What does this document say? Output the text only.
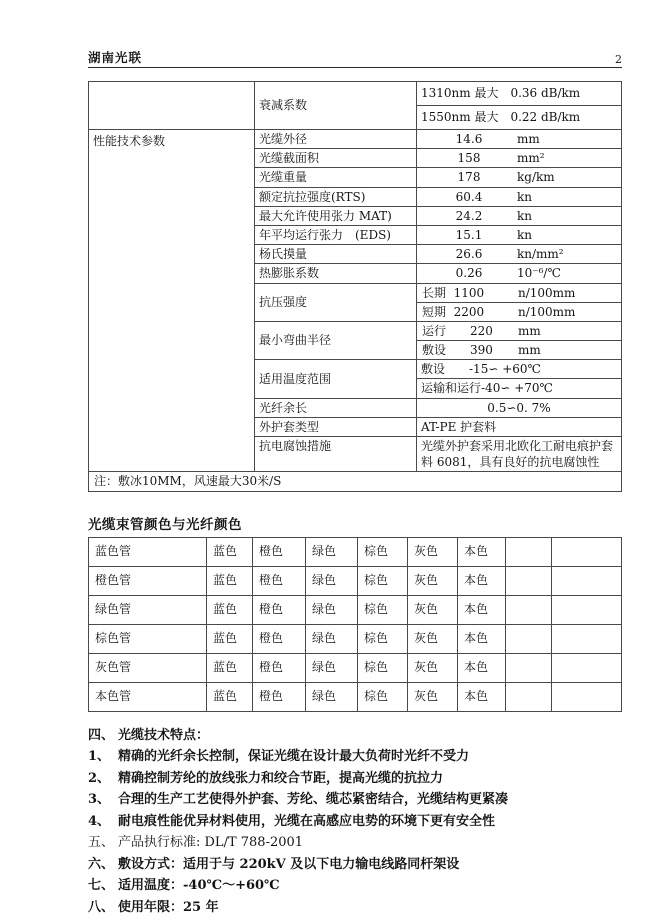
湖南光联	2
	衰减系数	1310nm 最大　0.36 dB/km
		1550nm 最大　0.22 dB/km
性能技术参数	光缆外径	14.6 mm
	光缆截面积	158 mm²
	光缆重量	178 kg/km
	额定抗拉强度(RTS)	60.4 kn
	最大允许使用张力 MAT)	24.2 kn
	年平均运行张力　(EDS)	15.1 kn
	杨氏摸量	26.6 kn/mm²
	热膨胀系数	0.26 10⁻⁶/℃
	抗压强度	长期  1100 n/100mm
		短期  2200 n/100mm
	最小弯曲半径	运行　　220 mm
		敷设　　390 mm
	适用温度范围	敷设　　-15∽ +60℃
		运输和运行-40∽ +70℃
	光纤余长	0.5∽0. 7%
	外护套类型	AT-PE 护套料
	抗电腐蚀措施	光缆外护套采用北欧化工耐电痕护套料 6081，具有良好的抗电腐蚀性
注：敷冰10MM，风速最大30米/S		
光缆束管颜色与光纤颜色
蓝色管	蓝色	橙色	绿色	棕色	灰色	本色		
橙色管	蓝色	橙色	绿色	棕色	灰色	本色		
绿色管	蓝色	橙色	绿色	棕色	灰色	本色		
棕色管	蓝色	橙色	绿色	棕色	灰色	本色		
灰色管	蓝色	橙色	绿色	棕色	灰色	本色		
本色管	蓝色	橙色	绿色	棕色	灰色	本色		
四、 光缆技术特点：
1、 精确的光纤余长控制，保证光缆在设计最大负荷时光纤不受力
2、 精确控制芳纶的放线张力和绞合节距，提高光缆的抗拉力
3、 合理的生产工艺使得外护套、芳纶、缆芯紧密结合，光缆结构更紧凑
4、 耐电痕性能优异材料使用，光缆在高感应电势的环境下更有安全性
五、 产品执行标准: DL/T 788-2001
六、 敷设方式：适用于与 220kV 及以下电力输电线路同杆架设
七、 适用温度：-40℃～+60℃
八、 使用年限：25 年
